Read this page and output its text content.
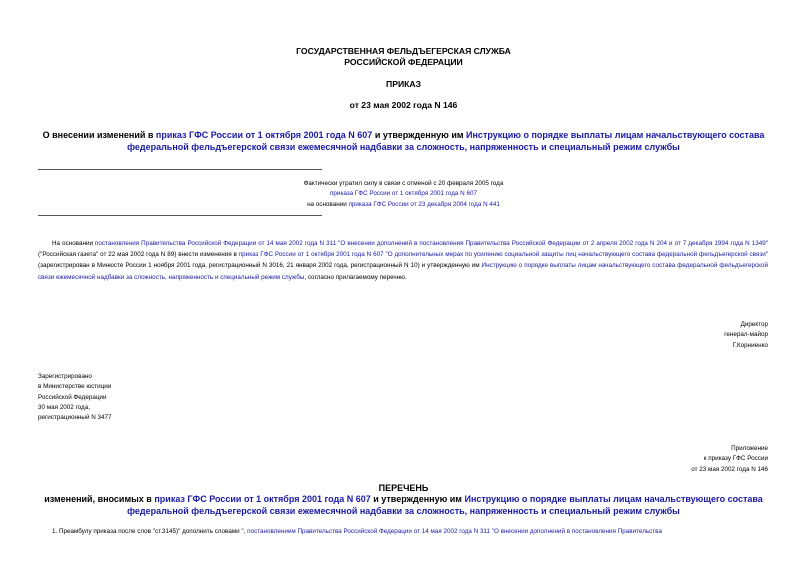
ГОСУДАРСТВЕННАЯ ФЕЛЬДЪЕГЕРСКАЯ СЛУЖБА
РОССИЙСКОЙ ФЕДЕРАЦИИ
ПРИКАЗ
от 23 мая 2002 года N 146
О внесении изменений в приказ ГФС России от 1 октября 2001 года N 607 и утвержденную им Инструкцию о порядке выплаты лицам начальствующего состава федеральной фельдъегерской связи ежемесячной надбавки за сложность, напряженность и специальный режим службы
Фактически утратил силу в связи с отменой с 20 февраля 2005 года
приказа ГФС России от 1 октября 2001 года N 607
на основании приказа ГФС России от 23 декабря 2004 года N 441
На основании постановления Правительства Российской Федерации от 14 мая 2002 года N 311 "О внесении дополнений в постановления Правительства Российской Федерации от 2 апреля 2002 года N 204 и от 7 декабря 1994 года N 1349" ("Российская газета" от 22 мая 2002 года N 89) внести изменения в приказ ГФС России от 1 октября 2001 года N 607 "О дополнительных мерах по усилению социальной защиты лиц начальствующего состава федеральной фельдъегерской связи" (зарегистрирован в Минюсте России 1 ноября 2001 года, регистрационный N 3016, 21 января 2002 года, регистрационный N 10) и утвержденную им Инструкцию о порядке выплаты лицам начальствующего состава федеральной фельдъегерской связи ежемесячной надбавки за сложность, напряженность и специальный режим службы, согласно прилагаемому перечню.
Директор
генерал-майор
Г.Корниенко
Зарегистрировано
в Министерстве юстиции
Российской Федерации
30 мая 2002 года,
регистрационный N 3477
Приложение
к приказу ГФС России
от 23 мая 2002 года N 146
ПЕРЕЧЕНЬ
изменений, вносимых в приказ ГФС России от 1 октября 2001 года N 607 и утвержденную им Инструкцию о порядке выплаты лицам начальствующего состава федеральной фельдъегерской связи ежемесячной надбавки за сложность, напряженность и специальный режим службы
1. Преамбулу приказа после слов "ст.3145)" дополнить словами ", постановлением Правительства Российской Федерации от 14 мая 2002 года N 311 "О внесении дополнений в постановления Правительства
